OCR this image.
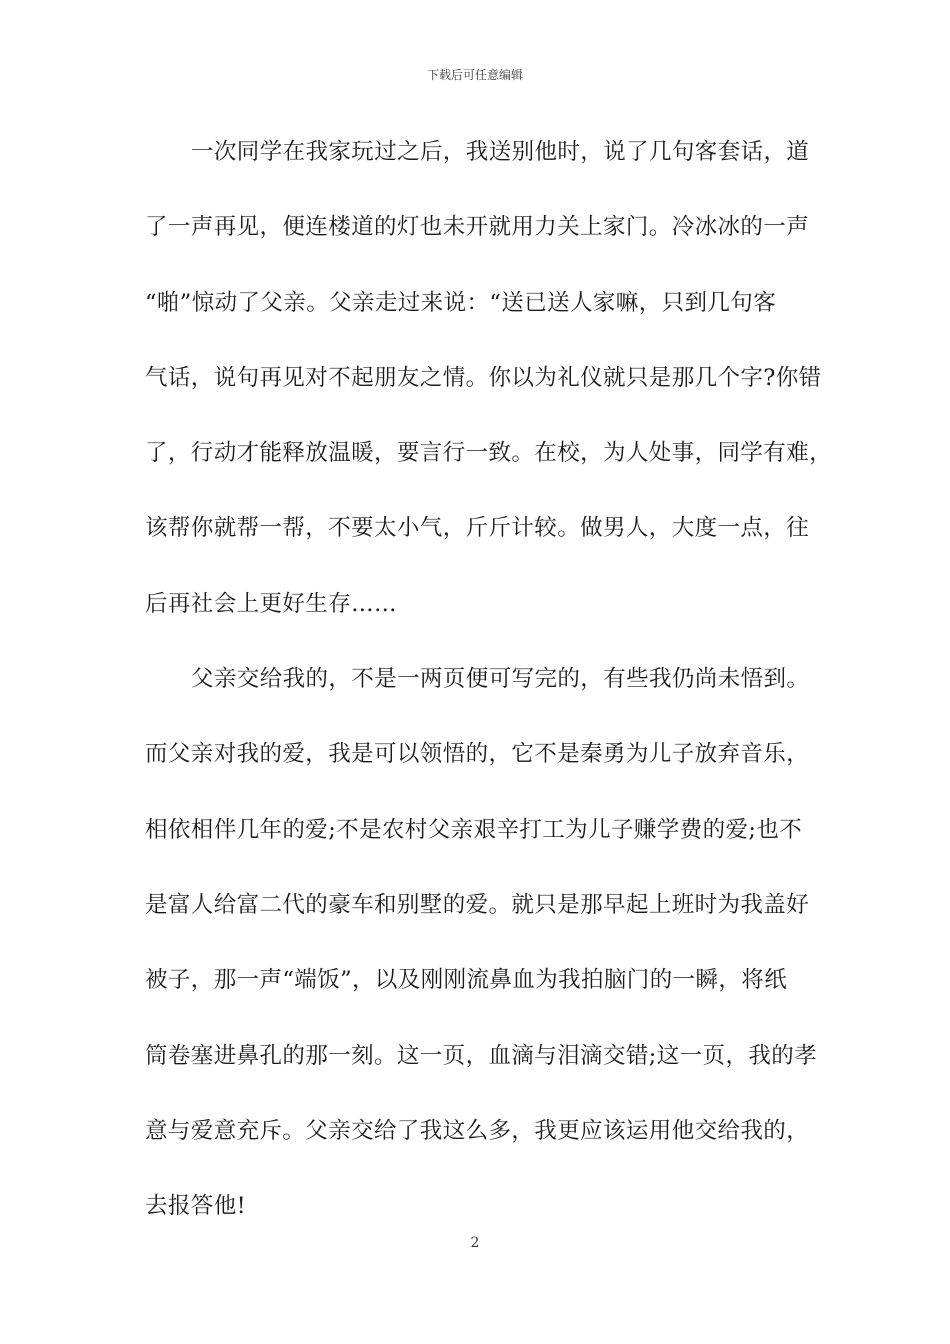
下载后可任意编辑
一次同学在我家玩过之后，我送别他时，说了几句客套话，道
了一声再见，便连楼道的灯也未开就用力关上家门。冷冰冰的一声
“啪”惊动了父亲。父亲走过来说：“送已送人家嘛，只到几句客
气话，说句再见对不起朋友之情。你以为礼仪就只是那几个字?你错
了，行动才能释放温暖，要言行一致。在校，为人处事，同学有难，
该帮你就帮一帮，不要太小气，斤斤计较。做男人，大度一点，往
后再社会上更好生存……
父亲交给我的，不是一两页便可写完的，有些我仍尚未悟到。
而父亲对我的爱，我是可以领悟的，它不是秦勇为儿子放弃音乐，
相依相伴几年的爱;不是农村父亲艰辛打工为儿子赚学费的爱;也不
是富人给富二代的豪车和别墅的爱。就只是那早起上班时为我盖好
被子，那一声“端饭”，以及刚刚流鼻血为我拍脑门的一瞬，将纸
筒卷塞进鼻孔的那一刻。这一页，血滴与泪滴交错;这一页，我的孝
意与爱意充斥。父亲交给了我这么多，我更应该运用他交给我的，
去报答他!
2
